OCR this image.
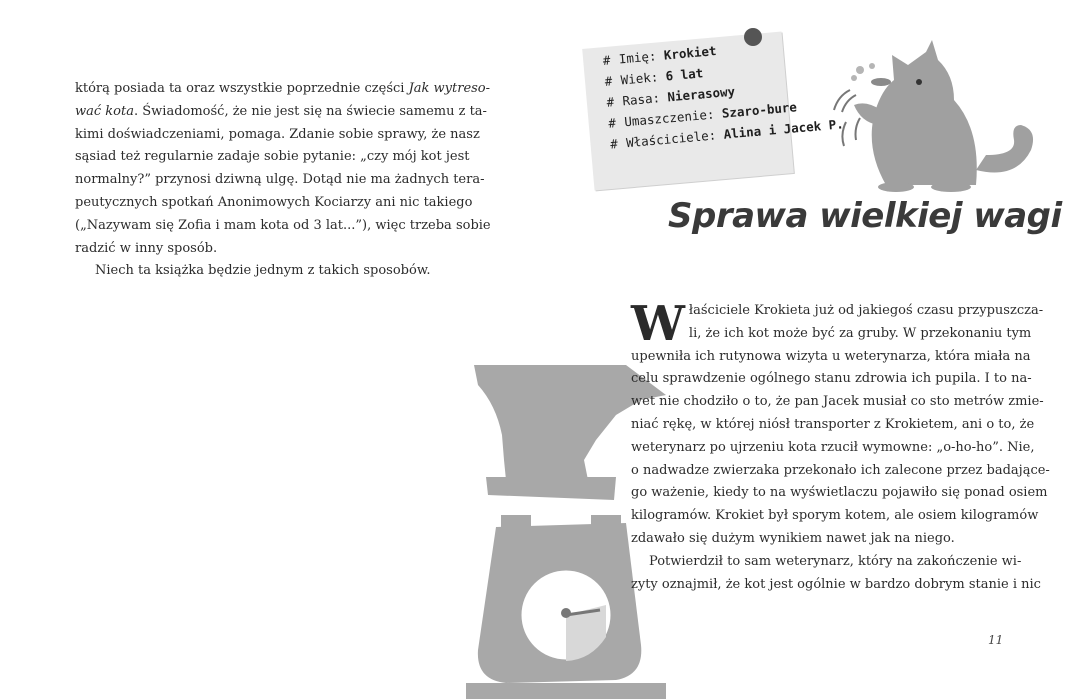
którą posiada ta oraz wszystkie poprzednie części Jak wytreso-
wać kota. Świadomość, że nie jest się na świecie samemu z ta-
kimi doświadczeniami, pomaga. Zdanie sobie sprawy, że nasz
sąsiad też regularnie zadaje sobie pytanie: „czy mój kot jest
normalny?” przynosi dziwną ulgę. Dotąd nie ma żadnych tera-
peutycznych spotkań Anonimowych Kociarzy ani nic takiego
(„Nazywam się Zofia i mam kota od 3 lat...”), więc trzeba sobie
radzić w inny sposób.
Niech ta książka będzie jednym z takich sposobów.
# Imię: Krokiet
# Wiek: 6 lat
# Rasa: Nierasowy
# Umaszczenie: Szaro-bure
# Właściciele: Alina i Jacek P.
Sprawa wielkiej wagi
W łaściciele Krokieta już od jakiegoś czasu przypuszcza-
li, że ich kot może być za gruby. W przekonaniu tym
upewniła ich rutynowa wizyta u weterynarza, która miała na
celu sprawdzenie ogólnego stanu zdrowia ich pupila. I to na-
wet nie chodziło o to, że pan Jacek musiał co sto metrów zmie-
niać rękę, w której niósł transporter z Krokietem, ani o to, że
weterynarz po ujrzeniu kota rzucił wymowne: „o-ho-ho”. Nie,
o nadwadze zwierzaka przekonało ich zalecone przez badające-
go ważenie, kiedy to na wyświetlaczu pojawiło się ponad osiem
kilogramów. Krokiet był sporym kotem, ale osiem kilogramów
zdawało się dużym wynikiem nawet jak na niego.
Potwierdził to sam weterynarz, który na zakończenie wi-
zyty oznajmił, że kot jest ogólnie w bardzo dobrym stanie i nic
11
